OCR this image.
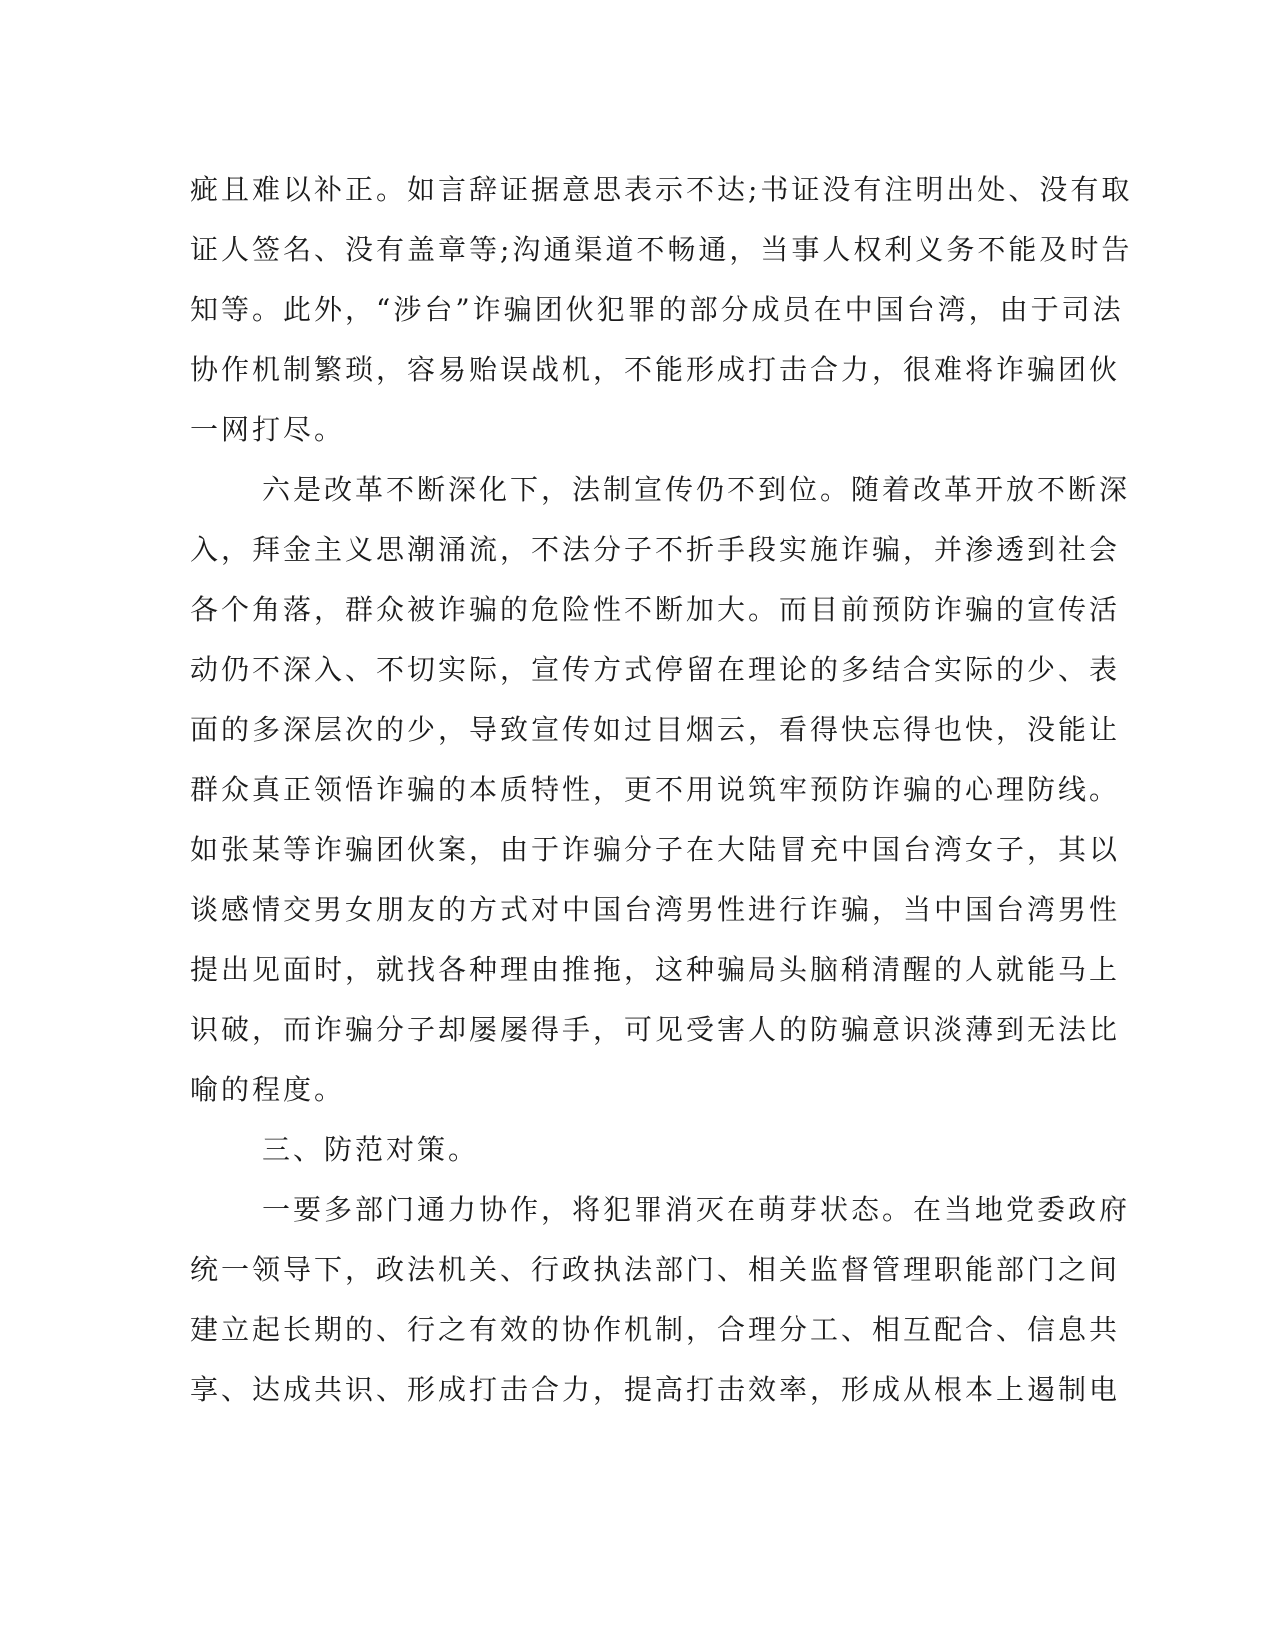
疵且难以补正。如言辞证据意思表示不达;书证没有注明出处、没有取
证人签名、没有盖章等;沟通渠道不畅通，当事人权利义务不能及时告
知等。此外，“涉台”诈骗团伙犯罪的部分成员在中国台湾，由于司法
协作机制繁琐，容易贻误战机，不能形成打击合力，很难将诈骗团伙
一网打尽。
六是改革不断深化下，法制宣传仍不到位。随着改革开放不断深
入，拜金主义思潮涌流，不法分子不折手段实施诈骗，并渗透到社会
各个角落，群众被诈骗的危险性不断加大。而目前预防诈骗的宣传活
动仍不深入、不切实际，宣传方式停留在理论的多结合实际的少、表
面的多深层次的少，导致宣传如过目烟云，看得快忘得也快，没能让
群众真正领悟诈骗的本质特性，更不用说筑牢预防诈骗的心理防线。
如张某等诈骗团伙案，由于诈骗分子在大陆冒充中国台湾女子，其以
谈感情交男女朋友的方式对中国台湾男性进行诈骗，当中国台湾男性
提出见面时，就找各种理由推拖，这种骗局头脑稍清醒的人就能马上
识破，而诈骗分子却屡屡得手，可见受害人的防骗意识淡薄到无法比
喻的程度。
三、防范对策。
一要多部门通力协作，将犯罪消灭在萌芽状态。在当地党委政府
统一领导下，政法机关、行政执法部门、相关监督管理职能部门之间
建立起长期的、行之有效的协作机制，合理分工、相互配合、信息共
享、达成共识、形成打击合力，提高打击效率，形成从根本上遏制电
